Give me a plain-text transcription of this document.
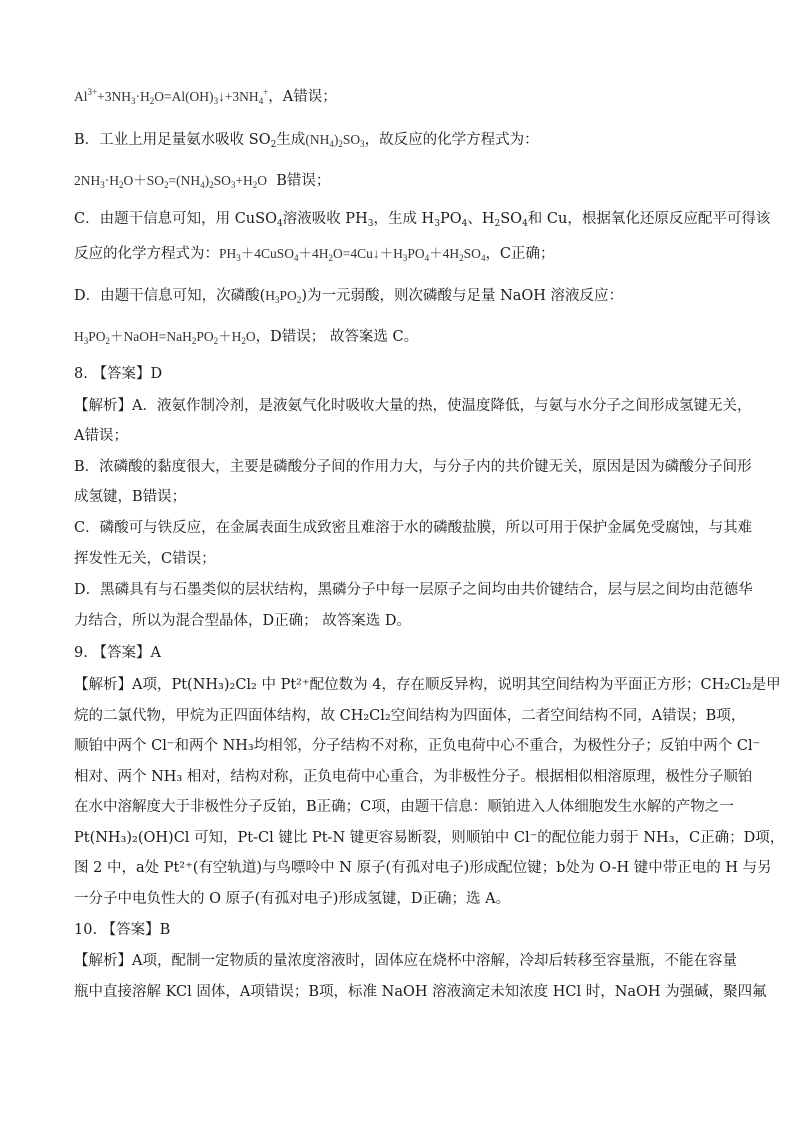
$Al^{3+}+3NH_3\cdot H_2O=Al(OH)_3↓+3NH_4^+$，A错误；
B．工业上用足量氨水吸收 $SO_2$生成$(NH_4)_2SO_3$，故反应的化学方程式为：
$2NH_3\cdot H_2O+SO_2=(NH_4)_2SO_3+H_2O$ B错误；
C．由题干信息可知，用 CuSO$_4$溶液吸收 $PH_3$，生成 $H_3PO_4$、$H_2SO_4$和 Cu，根据氧化还原反应配平可得该
反应的化学方程式为：$PH_3+4CuSO_4+4H_2O=4Cu↓+H_3PO_4+4H_2SO_4$，C正确；
D．由题干信息可知，次磷酸$(H_3PO_2)$为一元弱酸，则次磷酸与足量 NaOH 溶液反应：
$H_3PO_2+NaOH=NaH_2PO_2+H_2O$，D错误； 故答案选 C。
8. 【答案】D
【解析】A．液氨作制冷剂，是液氨气化时吸收大量的热，使温度降低，与氨与水分子之间形成氢键无关，
A错误；
B．浓磷酸的黏度很大，主要是磷酸分子间的作用力大，与分子内的共价键无关，原因是因为磷酸分子间形
成氢键，B错误；
C．磷酸可与铁反应，在金属表面生成致密且难溶于水的磷酸盐膜，所以可用于保护金属免受腐蚀，与其难
挥发性无关，C错误；
D．黑磷具有与石墨类似的层状结构，黑磷分子中每一层原子之间均由共价键结合，层与层之间均由范德华
力结合，所以为混合型晶体，D正确； 故答案选 D。
9. 【答案】A
【解析】A项，Pt(NH₃)₂Cl₂ 中 Pt²⁺配位数为 4，存在顺反异构，说明其空间结构为平面正方形；CH₂Cl₂是甲
烷的二氯代物，甲烷为正四面体结构，故 CH₂Cl₂空间结构为四面体，二者空间结构不同，A错误；B项，
顺铂中两个 Cl⁻和两个 NH₃均相邻，分子结构不对称，正负电荷中心不重合，为极性分子；反铂中两个 Cl⁻
相对、两个 NH₃ 相对，结构对称，正负电荷中心重合，为非极性分子。根据相似相溶原理，极性分子顺铂
在水中溶解度大于非极性分子反铂，B正确；C项，由题干信息：顺铂进入人体细胞发生水解的产物之一
Pt(NH₃)₂(OH)Cl 可知，Pt-Cl 键比 Pt-N 键更容易断裂，则顺铂中 Cl⁻的配位能力弱于 NH₃，C正确；D项，
图 2 中，a处 Pt²⁺(有空轨道)与鸟嘌呤中 N 原子(有孤对电子)形成配位键；b处为 O-H 键中带正电的 H 与另
一分子中电负性大的 O 原子(有孤对电子)形成氢键，D正确；选 A。
10. 【答案】B
【解析】A项，配制一定物质的量浓度溶液时，固体应在烧杯中溶解，冷却后转移至容量瓶，不能在容量
瓶中直接溶解 KCl 固体，A项错误；B项，标准 NaOH 溶液滴定未知浓度 HCl 时，NaOH 为强碱，聚四氟
